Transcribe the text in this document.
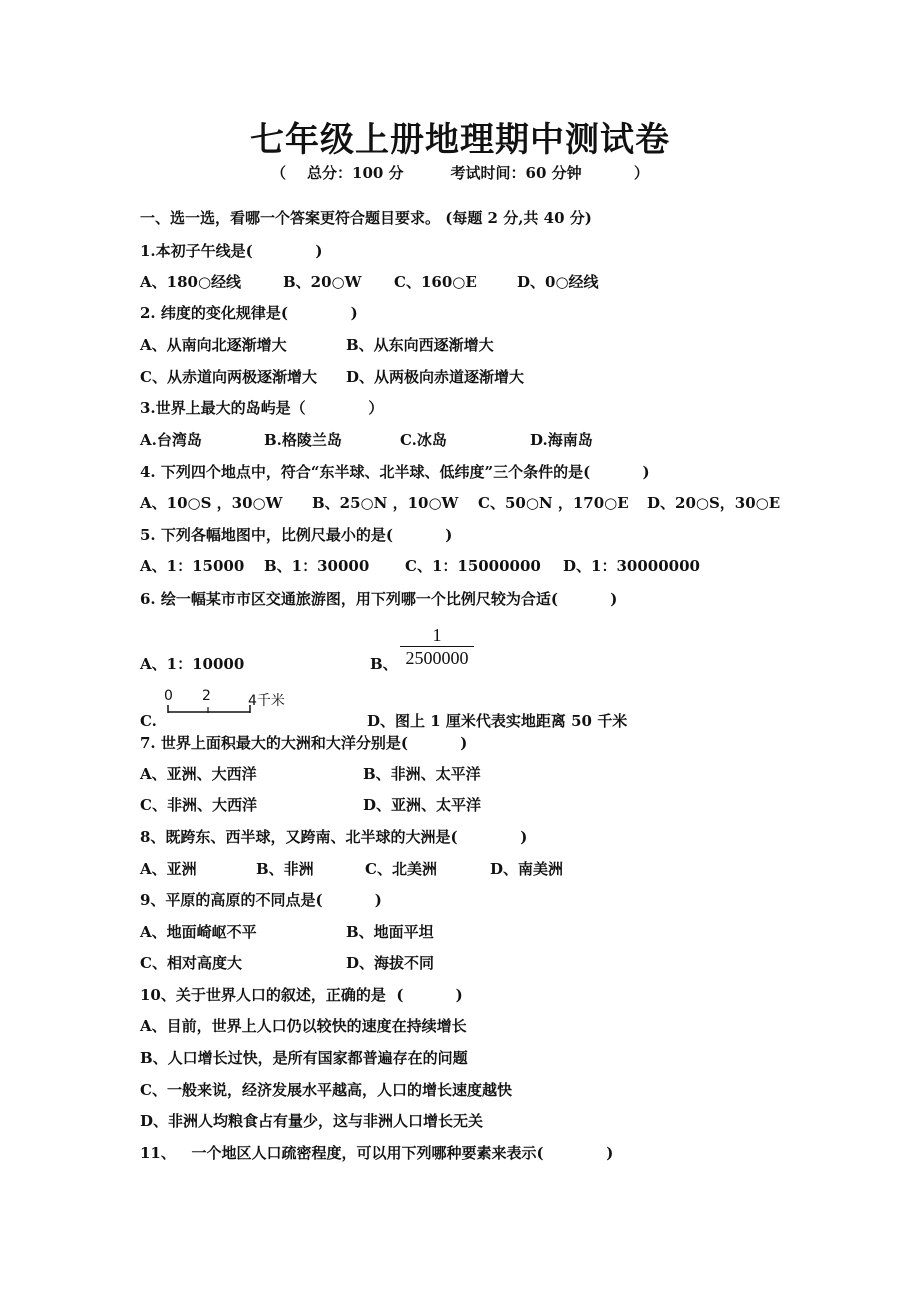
七年级上册地理期中测试卷
（    总分：100 分         考试时间：60 分钟          ）
一、选一选，看哪一个答案更符合题目要求。 (每题 2 分,共 40 分)
1.本初子午线是(            )

A、180○经线

	B、20○W

C、160○E

	D、0○经线

2. 纬度的变化规律是(            )

A、从南向北逐渐增大

	B、从东向西逐渐增大

C、从赤道向两极逐渐增大

D、从两极向赤道逐渐增大

3.世界上最大的岛屿是（            ）

A.台湾岛

	B.格陵兰岛

	C.冰岛

	D.海南岛

4. 下列四个地点中，符合“东半球、北半球、低纬度”三个条件的是(          )

A、10○S ，30○W

B、25○N ，10○W

C、50○N ，170○E

D、20○S，30○E

5. 下列各幅地图中，比例尺最小的是(          )

A、1：15000

B、1：30000

C、1：15000000

D、1：30000000

6. 绘一幅某市市区交通旅游图，用下列哪一个比例尺较为合适(          )
$\frac{1}{2500000}$
A、1：10000	B、
0 2	4千米
C.	D、图上 1 厘米代表实地距离 50 千米
7. 世界上面积最大的大洲和大洋分别是(          )

A、亚洲、大西洋

	B、非洲、太平洋

C、非洲、大西洋

	D、亚洲、太平洋

8、既跨东、西半球，又跨南、北半球的大洲是(            )

A、亚洲

	B、非洲

	C、北美洲

	D、南美洲

9、平原的高原的不同点是(          )

A、地面崎岖不平

	B、地面平坦

C、相对高度大

	D、海拔不同

10、关于世界人口的叙述，正确的是  (          )
A、目前，世界上人口仍以较快的速度在持续增长
B、人口增长过快，是所有国家都普遍存在的问题
C、一般来说，经济发展水平越高，人口的增长速度越快
D、非洲人均粮食占有量少，这与非洲人口增长无关
11、   一个地区人口疏密程度，可以用下列哪种要素来表示(            )
